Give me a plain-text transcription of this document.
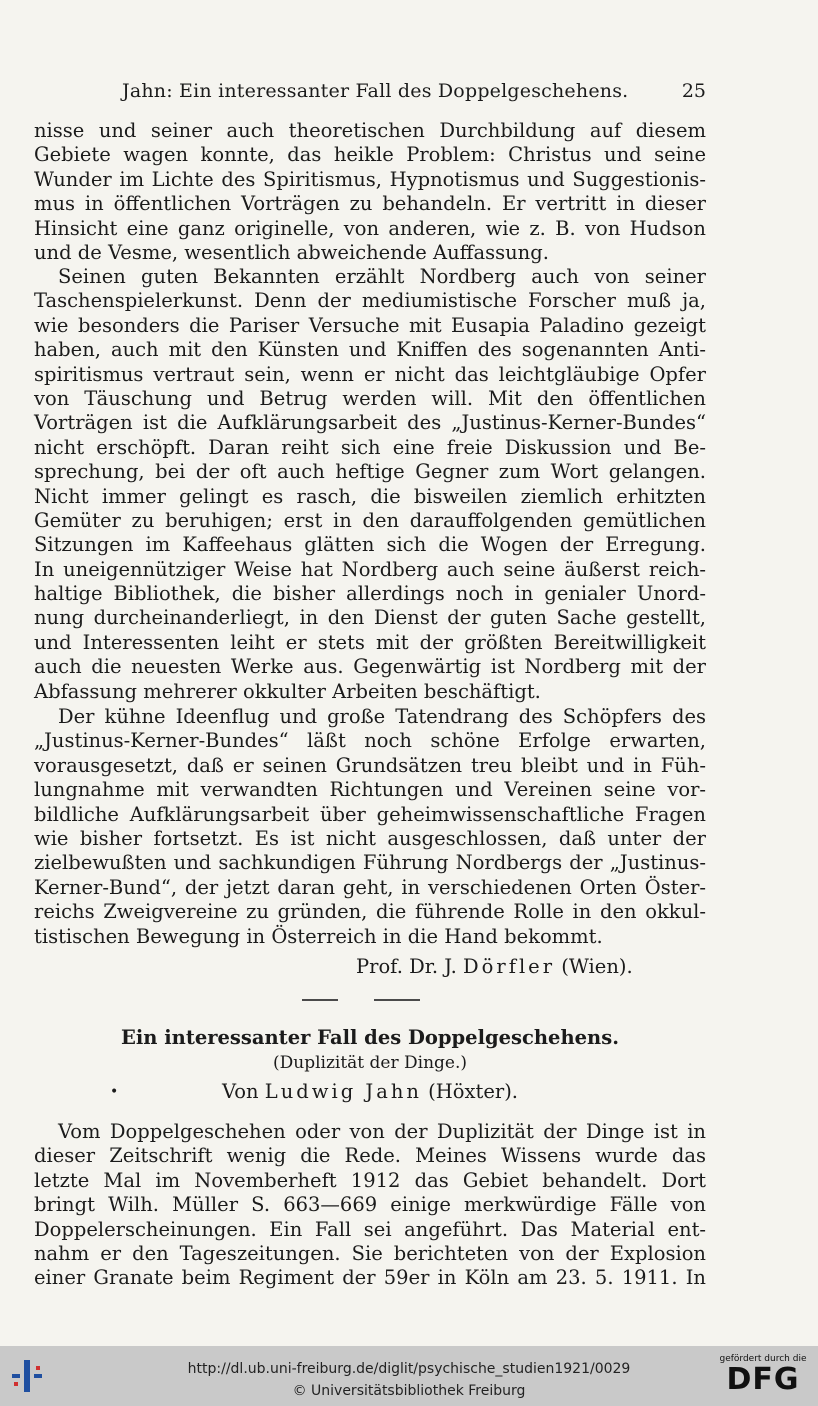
Jahn: Ein interessanter Fall des Doppelgeschehens.	25
nisse und seiner auch theoretischen Durchbildung auf diesem
Gebiete wagen konnte, das heikle Problem: Christus und seine
Wunder im Lichte des Spiritismus, Hypnotismus und Suggestionis-
mus in öffentlichen Vorträgen zu behandeln. Er vertritt in dieser
Hinsicht eine ganz originelle, von anderen, wie z. B. von Hudson
und de Vesme, wesentlich abweichende Auffassung.
Seinen guten Bekannten erzählt Nordberg auch von seiner
Taschenspielerkunst. Denn der mediumistische Forscher muß ja,
wie besonders die Pariser Versuche mit Eusapia Paladino gezeigt
haben, auch mit den Künsten und Kniffen des sogenannten Anti-
spiritismus vertraut sein, wenn er nicht das leichtgläubige Opfer
von Täuschung und Betrug werden will. Mit den öffentlichen
Vorträgen ist die Aufklärungsarbeit des „Justinus-Kerner-Bundes“
nicht erschöpft. Daran reiht sich eine freie Diskussion und Be-
sprechung, bei der oft auch heftige Gegner zum Wort gelangen.
Nicht immer gelingt es rasch, die bisweilen ziemlich erhitzten
Gemüter zu beruhigen; erst in den darauffolgenden gemütlichen
Sitzungen im Kaffeehaus glätten sich die Wogen der Erregung.
In uneigennütziger Weise hat Nordberg auch seine äußerst reich-
haltige Bibliothek, die bisher allerdings noch in genialer Unord-
nung durcheinanderliegt, in den Dienst der guten Sache gestellt,
und Interessenten leiht er stets mit der größten Bereitwilligkeit
auch die neuesten Werke aus. Gegenwärtig ist Nordberg mit der
Abfassung mehrerer okkulter Arbeiten beschäftigt.
Der kühne Ideenflug und große Tatendrang des Schöpfers des
„Justinus-Kerner-Bundes“ läßt noch schöne Erfolge erwarten,
vorausgesetzt, daß er seinen Grundsätzen treu bleibt und in Füh-
lungnahme mit verwandten Richtungen und Vereinen seine vor-
bildliche Aufklärungsarbeit über geheimwissenschaftliche Fragen
wie bisher fortsetzt. Es ist nicht ausgeschlossen, daß unter der
zielbewußten und sachkundigen Führung Nordbergs der „Justinus-
Kerner-Bund“, der jetzt daran geht, in verschiedenen Orten Öster-
reichs Zweigvereine zu gründen, die führende Rolle in den okkul-
tistischen Bewegung in Österreich in die Hand bekommt.
Prof. Dr. J. Dörfler (Wien).
Ein interessanter Fall des Doppelgeschehens.
(Duplizität der Dinge.)
•	Von Ludwig Jahn (Höxter).
Vom Doppelgeschehen oder von der Duplizität der Dinge ist in
dieser Zeitschrift wenig die Rede. Meines Wissens wurde das
letzte Mal im Novemberheft 1912 das Gebiet behandelt. Dort
bringt Wilh. Müller S. 663—669 einige merkwürdige Fälle von
Doppelerscheinungen. Ein Fall sei angeführt. Das Material ent-
nahm er den Tageszeitungen. Sie berichteten von der Explosion
einer Granate beim Regiment der 59er in Köln am 23. 5. 1911. In
http://dl.ub.uni-freiburg.de/diglit/psychische_studien1921/0029
© Universitätsbibliothek Freiburg
gefördert durch die
DFG
